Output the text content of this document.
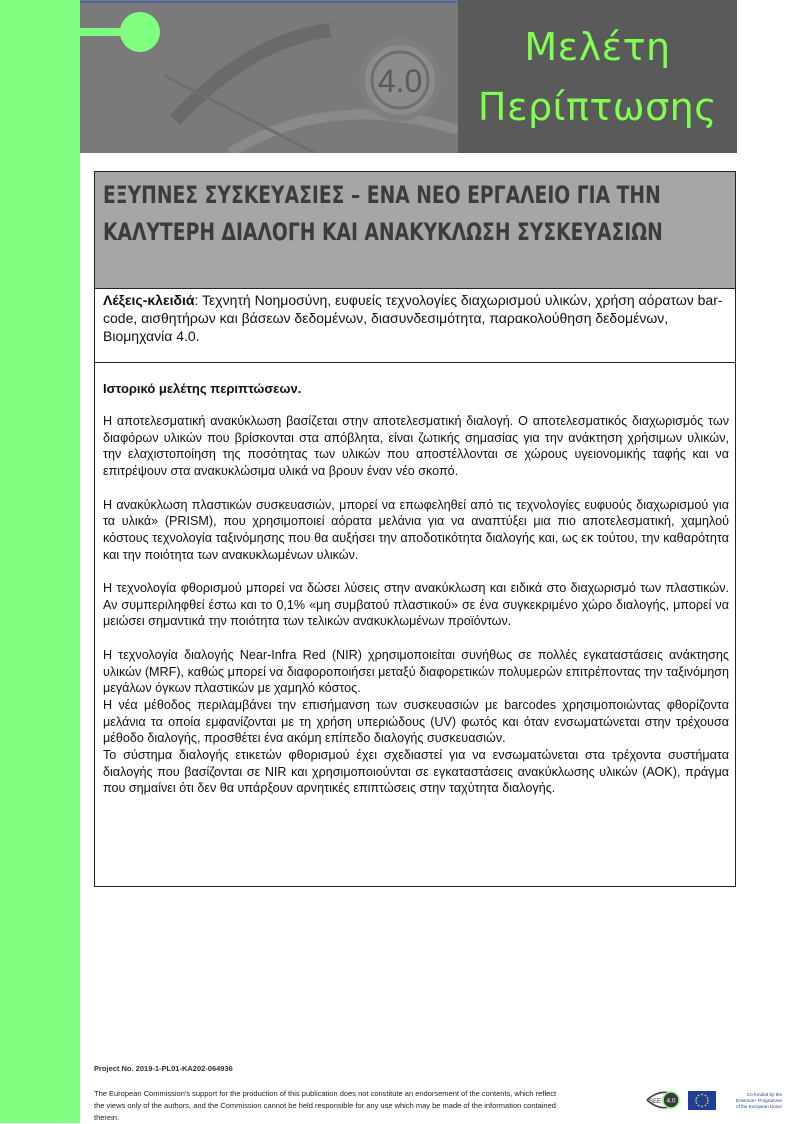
4.0
Μελέτη
Περίπτωσης
ΕΞΥΠΝΕΣ ΣΥΣΚΕΥΑΣΙΕΣ – ΕΝΑ ΝΕΟ ΕΡΓΑΛΕΙΟ ΓΙΑ ΤΗΝ
ΚΑΛΥΤΕΡΗ ΔΙΑΛΟΓΗ ΚΑΙ ΑΝΑΚΥΚΛΩΣΗ ΣΥΣΚΕΥΑΣΙΩΝ
Λέξεις-κλειδιά: Τεχνητή Νοημοσύνη, ευφυείς τεχνολογίες διαχωρισμού υλικών, χρήση αόρατων bar-code, αισθητήρων και βάσεων δεδομένων, διασυνδεσιμότητα, παρακολούθηση δεδομένων, Βιομηχανία 4.0.
Ιστορικό μελέτης περιπτώσεων.

Η αποτελεσματική ανακύκλωση βασίζεται στην αποτελεσματική διαλογή. Ο αποτελεσματικός διαχωρισμός των διαφόρων υλικών που βρίσκονται στα απόβλητα, είναι ζωτικής σημασίας για την ανάκτηση χρήσιμων υλικών, την ελαχιστοποίηση της ποσότητας των υλικών που αποστέλλονται σε χώρους υγειονομικής ταφής και να επιτρέψουν στα ανακυκλώσιμα υλικά να βρουν έναν νέο σκοπό.

Η ανακύκλωση πλαστικών συσκευασιών, μπορεί να επωφεληθεί από τις τεχνολογίες ευφυούς διαχωρισμού για τα υλικά» (PRISM), που χρησιμοποιεί αόρατα μελάνια για να αναπτύξει μια πιο αποτελεσματική, χαμηλού κόστους τεχνολογία ταξινόμησης που θα αυξήσει την αποδοτικότητα διαλογής και, ως εκ τούτου, την καθαρότητα και την ποιότητα των ανακυκλωμένων υλικών.

Η τεχνολογία φθορισμού μπορεί να δώσει λύσεις στην ανακύκλωση και ειδικά στο διαχωρισμό των πλαστικών. Αν συμπεριληφθεί έστω και το 0,1% «μη συμβατού πλαστικού» σε ένα συγκεκριμένο χώρο διαλογής, μπορεί να μειώσει σημαντικά την ποιότητα των τελικών ανακυκλωμένων προϊόντων.

Η τεχνολογία διαλογής Near-Infra Red (NIR) χρησιμοποιείται συνήθως σε πολλές εγκαταστάσεις ανάκτησης υλικών (MRF), καθώς μπορεί να διαφοροποιήσει μεταξύ διαφορετικών πολυμερών επιτρέποντας την ταξινόμηση μεγάλων όγκων πλαστικών με χαμηλό κόστος.

Η νέα μέθοδος περιλαμβάνει την επισήμανση των συσκευασιών με barcodes χρησιμοποιώντας φθορίζοντα μελάνια τα οποία εμφανίζονται με τη χρήση υπεριώδους (UV) φωτός και όταν ενσωματώνεται στην τρέχουσα μέθοδο διαλογής, προσθέτει ένα ακόμη επίπεδο διαλογής συσκευασιών.

Το σύστημα διαλογής ετικετών φθορισμού έχει σχεδιαστεί για να ενσωματώνεται στα τρέχοντα συστήματα διαλογής που βασίζονται σε NIR και χρησιμοποιούνται σε εγκαταστάσεις ανακύκλωσης υλικών (ΑΟΚ), πράγμα που σημαίνει ότι δεν θα υπάρξουν αρνητικές επιπτώσεις στην ταχύτητα διαλογής.

Project No. 2019-1-PL01-KA202-064936
The European Commission's support for the production of this publication does not constitute an endorsement of the contents, which reflect the views only of the authors, and the Commission cannot be held responsible for any use which may be made of the information contained therein.
SEE 4.0
Co-funded by the
Erasmus+ Programme
of the European Union
